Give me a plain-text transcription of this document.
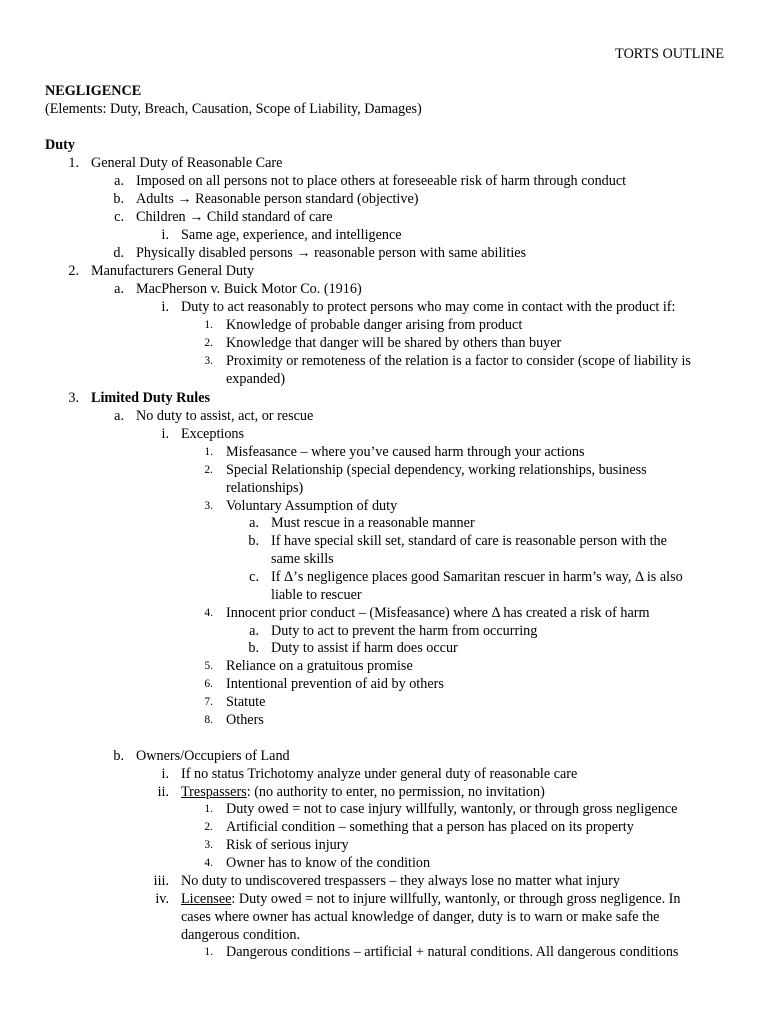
TORTS OUTLINE
NEGLIGENCE
(Elements: Duty, Breach, Causation, Scope of Liability, Damages)
Duty
1. General Duty of Reasonable Care
a. Imposed on all persons not to place others at foreseeable risk of harm through conduct
b. Adults → Reasonable person standard (objective)
c. Children → Child standard of care
i. Same age, experience, and intelligence
d. Physically disabled persons → reasonable person with same abilities
2. Manufacturers General Duty
a. MacPherson v. Buick Motor Co. (1916)
i. Duty to act reasonably to protect persons who may come in contact with the product if:
1. Knowledge of probable danger arising from product
2. Knowledge that danger will be shared by others than buyer
3. Proximity or remoteness of the relation is a factor to consider (scope of liability is
expanded)
3. Limited Duty Rules
a. No duty to assist, act, or rescue
i. Exceptions
1. Misfeasance – where you’ve caused harm through your actions
2. Special Relationship (special dependency, working relationships, business
relationships)
3. Voluntary Assumption of duty
a. Must rescue in a reasonable manner
b. If have special skill set, standard of care is reasonable person with the
same skills
c. If Δ’s negligence places good Samaritan rescuer in harm’s way, Δ is also
liable to rescuer
4. Innocent prior conduct – (Misfeasance) where Δ has created a risk of harm
a. Duty to act to prevent the harm from occurring
b. Duty to assist if harm does occur
5. Reliance on a gratuitous promise
6. Intentional prevention of aid by others
7. Statute
8. Others
b. Owners/Occupiers of Land
i. If no status Trichotomy analyze under general duty of reasonable care
ii. Trespassers: (no authority to enter, no permission, no invitation)
1. Duty owed = not to case injury willfully, wantonly, or through gross negligence
2. Artificial condition – something that a person has placed on its property
3. Risk of serious injury
4. Owner has to know of the condition
iii. No duty to undiscovered trespassers – they always lose no matter what injury
iv. Licensee: Duty owed = not to injure willfully, wantonly, or through gross negligence. In
cases where owner has actual knowledge of danger, duty is to warn or make safe the
dangerous condition.
1. Dangerous conditions – artificial + natural conditions. All dangerous conditions
